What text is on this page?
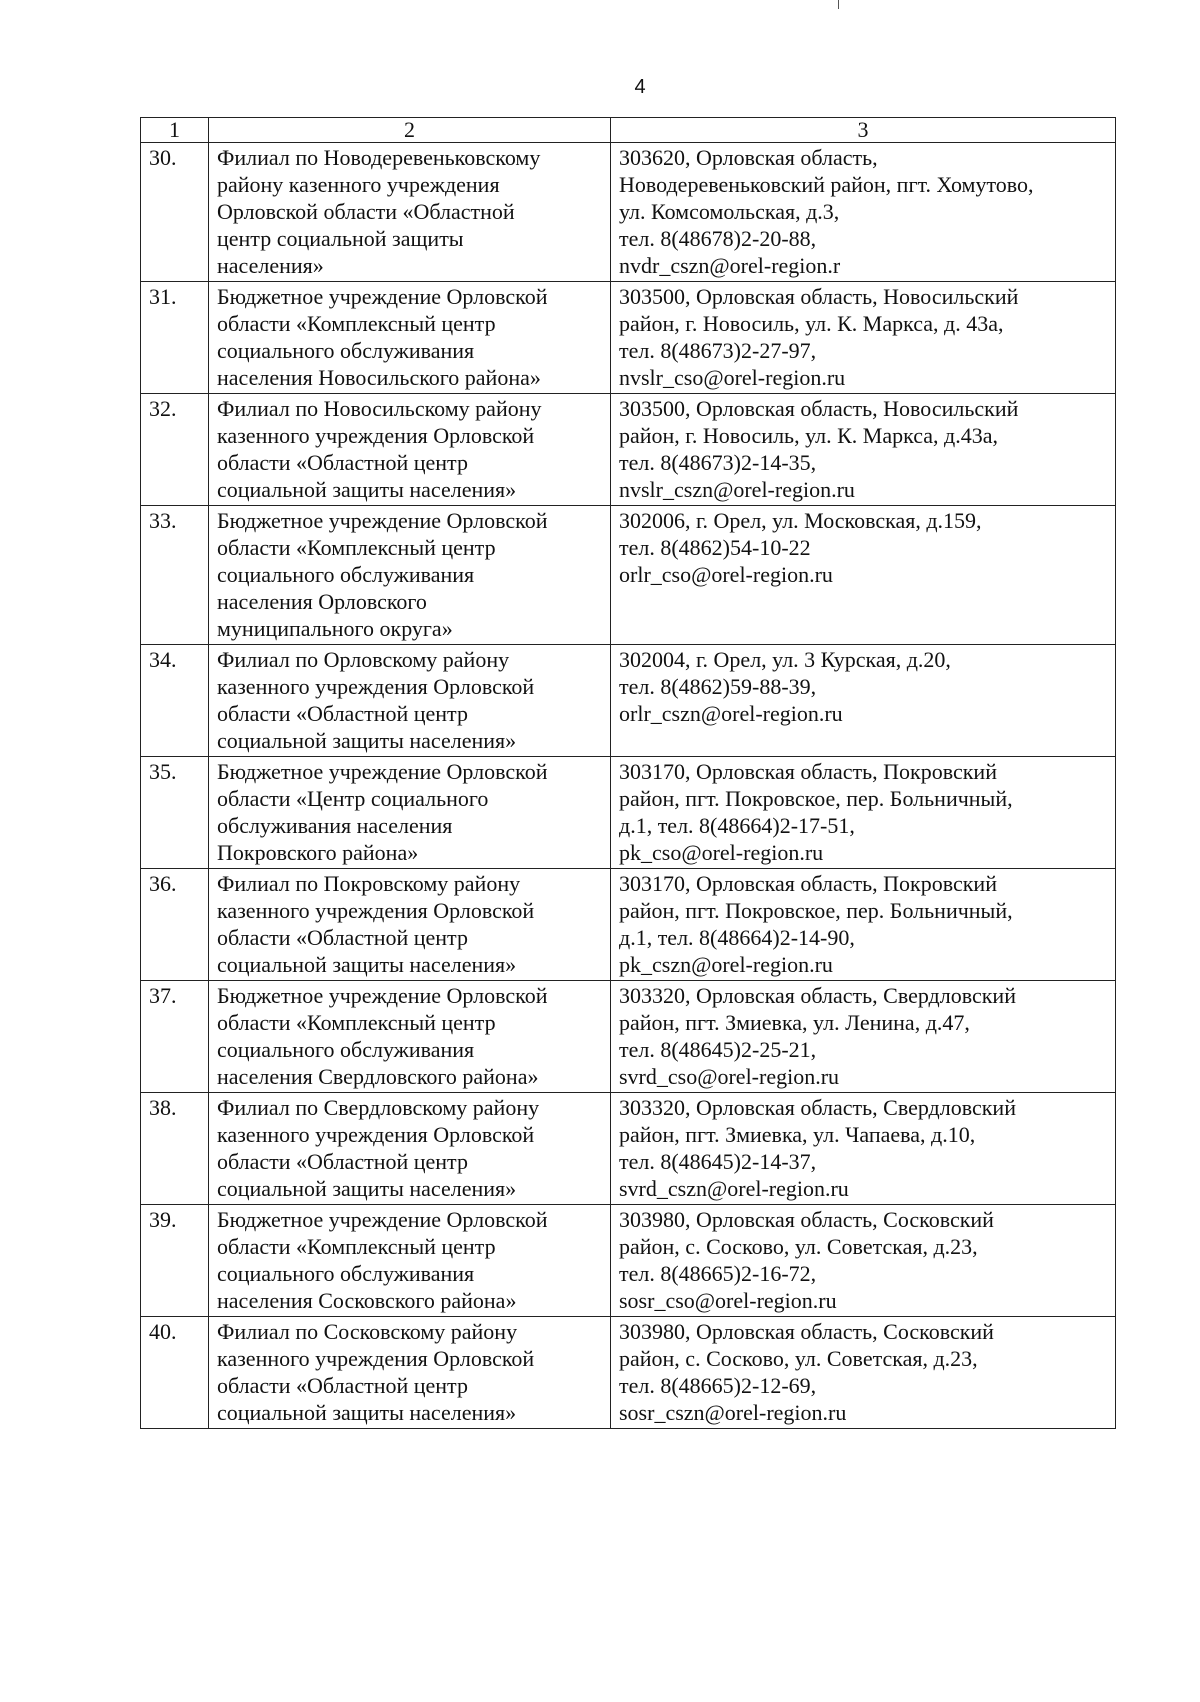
4
1	2	3
30.	Филиал по Новодеревеньковскому
району казенного учреждения
Орловской области «Областной
центр социальной защиты
населения»	303620, Орловская область,
Новодеревеньковский район, пгт. Хомутово,
ул. Комсомольская, д.3,
тел. 8(48678)2-20-88,
nvdr_cszn@orel-region.r
31.	Бюджетное учреждение Орловской
области «Комплексный центр
социального обслуживания
населения Новосильского района»	303500, Орловская область, Новосильский
район, г. Новосиль, ул. К. Маркса, д. 43а,
тел. 8(48673)2-27-97,
nvslr_cso@orel-region.ru
32.	Филиал по Новосильскому району
казенного учреждения Орловской
области «Областной центр
социальной защиты населения»	303500, Орловская область, Новосильский
район, г. Новосиль, ул. К. Маркса, д.43а,
тел. 8(48673)2-14-35,
nvslr_cszn@orel-region.ru
33.	Бюджетное учреждение Орловской
области «Комплексный центр
социального обслуживания
населения Орловского
муниципального округа»	302006, г. Орел, ул. Московская, д.159,
тел. 8(4862)54-10-22
orlr_cso@orel-region.ru
34.	Филиал по Орловскому району
казенного учреждения Орловской
области «Областной центр
социальной защиты населения»	302004, г. Орел, ул. 3 Курская, д.20,
тел. 8(4862)59-88-39,
orlr_cszn@orel-region.ru
35.	Бюджетное учреждение Орловской
области «Центр социального
обслуживания населения
Покровского района»	303170, Орловская область, Покровский
район, пгт. Покровское, пер. Больничный,
д.1, тел. 8(48664)2-17-51,
pk_cso@orel-region.ru
36.	Филиал по Покровскому району
казенного учреждения Орловской
области «Областной центр
социальной защиты населения»	303170, Орловская область, Покровский
район, пгт. Покровское, пер. Больничный,
д.1, тел. 8(48664)2-14-90,
pk_cszn@orel-region.ru
37.	Бюджетное учреждение Орловской
области «Комплексный центр
социального обслуживания
населения Свердловского района»	303320, Орловская область, Свердловский
район, пгт. Змиевка, ул. Ленина, д.47,
тел. 8(48645)2-25-21,
svrd_cso@orel-region.ru
38.	Филиал по Свердловскому району
казенного учреждения Орловской
области «Областной центр
социальной защиты населения»	303320, Орловская область, Свердловский
район, пгт. Змиевка, ул. Чапаева, д.10,
тел. 8(48645)2-14-37,
svrd_cszn@orel-region.ru
39.	Бюджетное учреждение Орловской
области «Комплексный центр
социального обслуживания
населения Сосковского района»	303980, Орловская область, Сосковский
район, с. Сосково, ул. Советская, д.23,
тел. 8(48665)2-16-72,
sosr_cso@orel-region.ru
40.	Филиал по Сосковскому району
казенного учреждения Орловской
области «Областной центр
социальной защиты населения»	303980, Орловская область, Сосковский
район, с. Сосково, ул. Советская, д.23,
тел. 8(48665)2-12-69,
sosr_cszn@orel-region.ru
